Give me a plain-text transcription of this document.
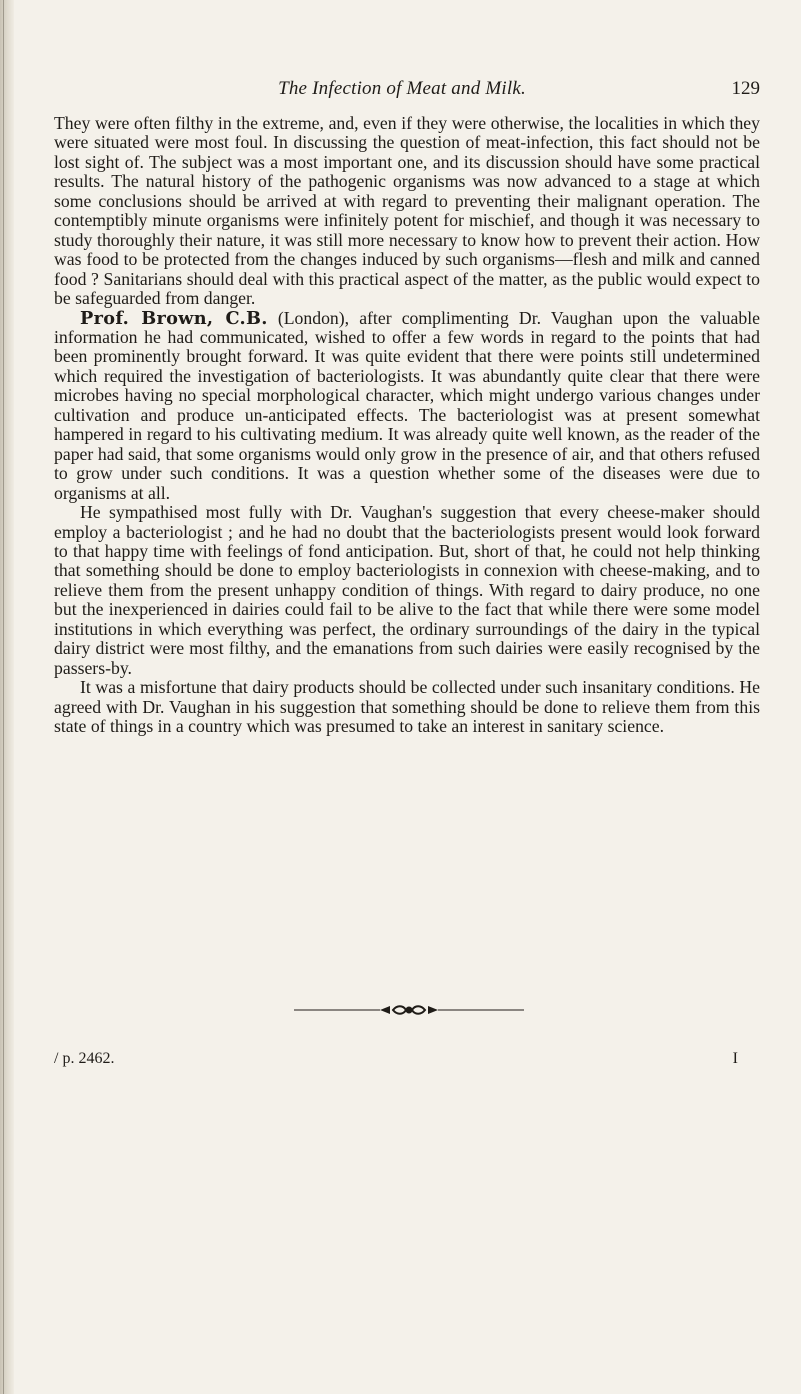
The Infection of Meat and Milk.	129

They were often filthy in the extreme, and, even if they were otherwise, the localities in which they were situated were most foul. In discussing the question of meat-infection, this fact should not be lost sight of. The subject was a most important one, and its discussion should have some practical results. The natural history of the pathogenic organisms was now advanced to a stage at which some conclusions should be arrived at with regard to preventing their malignant operation. The contemptibly minute organisms were infinitely potent for mischief, and though it was necessary to study thoroughly their nature, it was still more necessary to know how to prevent their action. How was food to be protected from the changes induced by such organisms—flesh and milk and canned food ? Sanitarians should deal with this practical aspect of the matter, as the public would expect to be safeguarded from danger.

Prof. Brown, C.B. (London), after complimenting Dr. Vaughan upon the valuable information he had communicated, wished to offer a few words in regard to the points that had been prominently brought forward. It was quite evident that there were points still undetermined which required the investigation of bacteriologists. It was abundantly quite clear that there were microbes having no special morphological character, which might undergo various changes under cultivation and produce un-anticipated effects. The bacteriologist was at present somewhat hampered in regard to his cultivating medium. It was already quite well known, as the reader of the paper had said, that some organisms would only grow in the presence of air, and that others refused to grow under such conditions. It was a question whether some of the diseases were due to organisms at all.

He sympathised most fully with Dr. Vaughan's suggestion that every cheese-maker should employ a bacteriologist ; and he had no doubt that the bacteriologists present would look forward to that happy time with feelings of fond anticipation. But, short of that, he could not help thinking that something should be done to employ bacteriologists in connexion with cheese-making, and to relieve them from the present unhappy condition of things. With regard to dairy produce, no one but the inexperienced in dairies could fail to be alive to the fact that while there were some model institutions in which everything was perfect, the ordinary surroundings of the dairy in the typical dairy district were most filthy, and the emanations from such dairies were easily recognised by the passers-by.

It was a misfortune that dairy products should be collected under such insanitary conditions. He agreed with Dr. Vaughan in his suggestion that something should be done to relieve them from this state of things in a country which was presumed to take an interest in sanitary science.

/ p. 2462.	I
